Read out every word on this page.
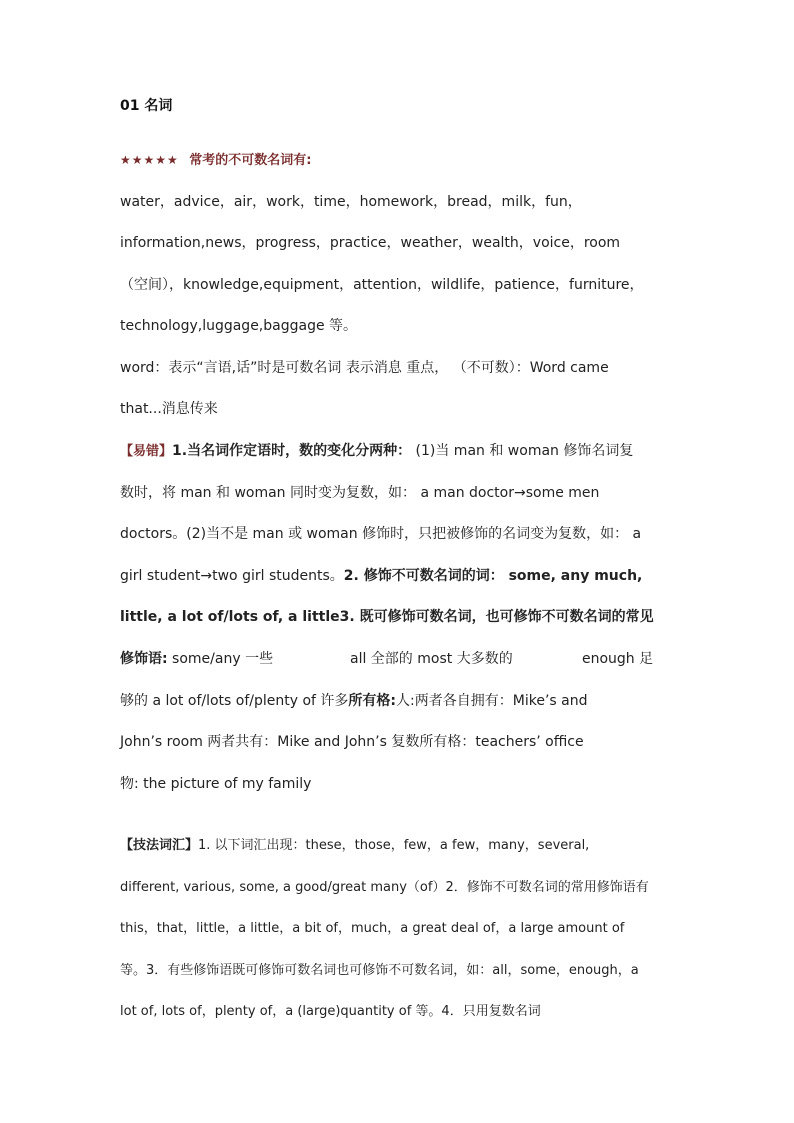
01 名词
★★★★★ 常考的不可数名词有:
water，advice，air，work，time，homework，bread，milk，fun，
information,news，progress，practice，weather，wealth，voice，room
（空间），knowledge,equipment，attention，wildlife，patience，furniture，
technology,luggage,baggage 等。
word：表示“言语,话”时是可数名词 表示消息 重点， （不可数）：Word came
that...消息传来
【易错】1.当名词作定语时，数的变化分两种： (1)当 man 和 woman 修饰名词复
数时，将 man 和 woman 同时变为复数，如： a man doctor→some men
doctors。(2)当不是 man 或 woman 修饰时，只把被修饰的名词变为复数，如： a
girl student→two girl students。2. 修饰不可数名词的词： some, any much,
little, a lot of/lots of, a little3. 既可修饰可数名词，也可修饰不可数名词的常见
修饰语: some/any 一些	all 全部的 most 大多数的	enough 足
够的 a lot of/lots of/plenty of 许多所有格:人:两者各自拥有：Mike’s and
John’s room 两者共有：Mike and John’s 复数所有格：teachers’ office
物: the picture of my family
【技法词汇】1. 以下词汇出现：these，those，few，a few，many，several,
different, various, some, a good/great many（of）2．修饰不可数名词的常用修饰语有
this，that，little，a little，a bit of，much，a great deal of，a large amount of
等。3．有些修饰语既可修饰可数名词也可修饰不可数名词，如：all，some，enough，a
lot of, lots of，plenty of，a (large)quantity of 等。4．只用复数名词
